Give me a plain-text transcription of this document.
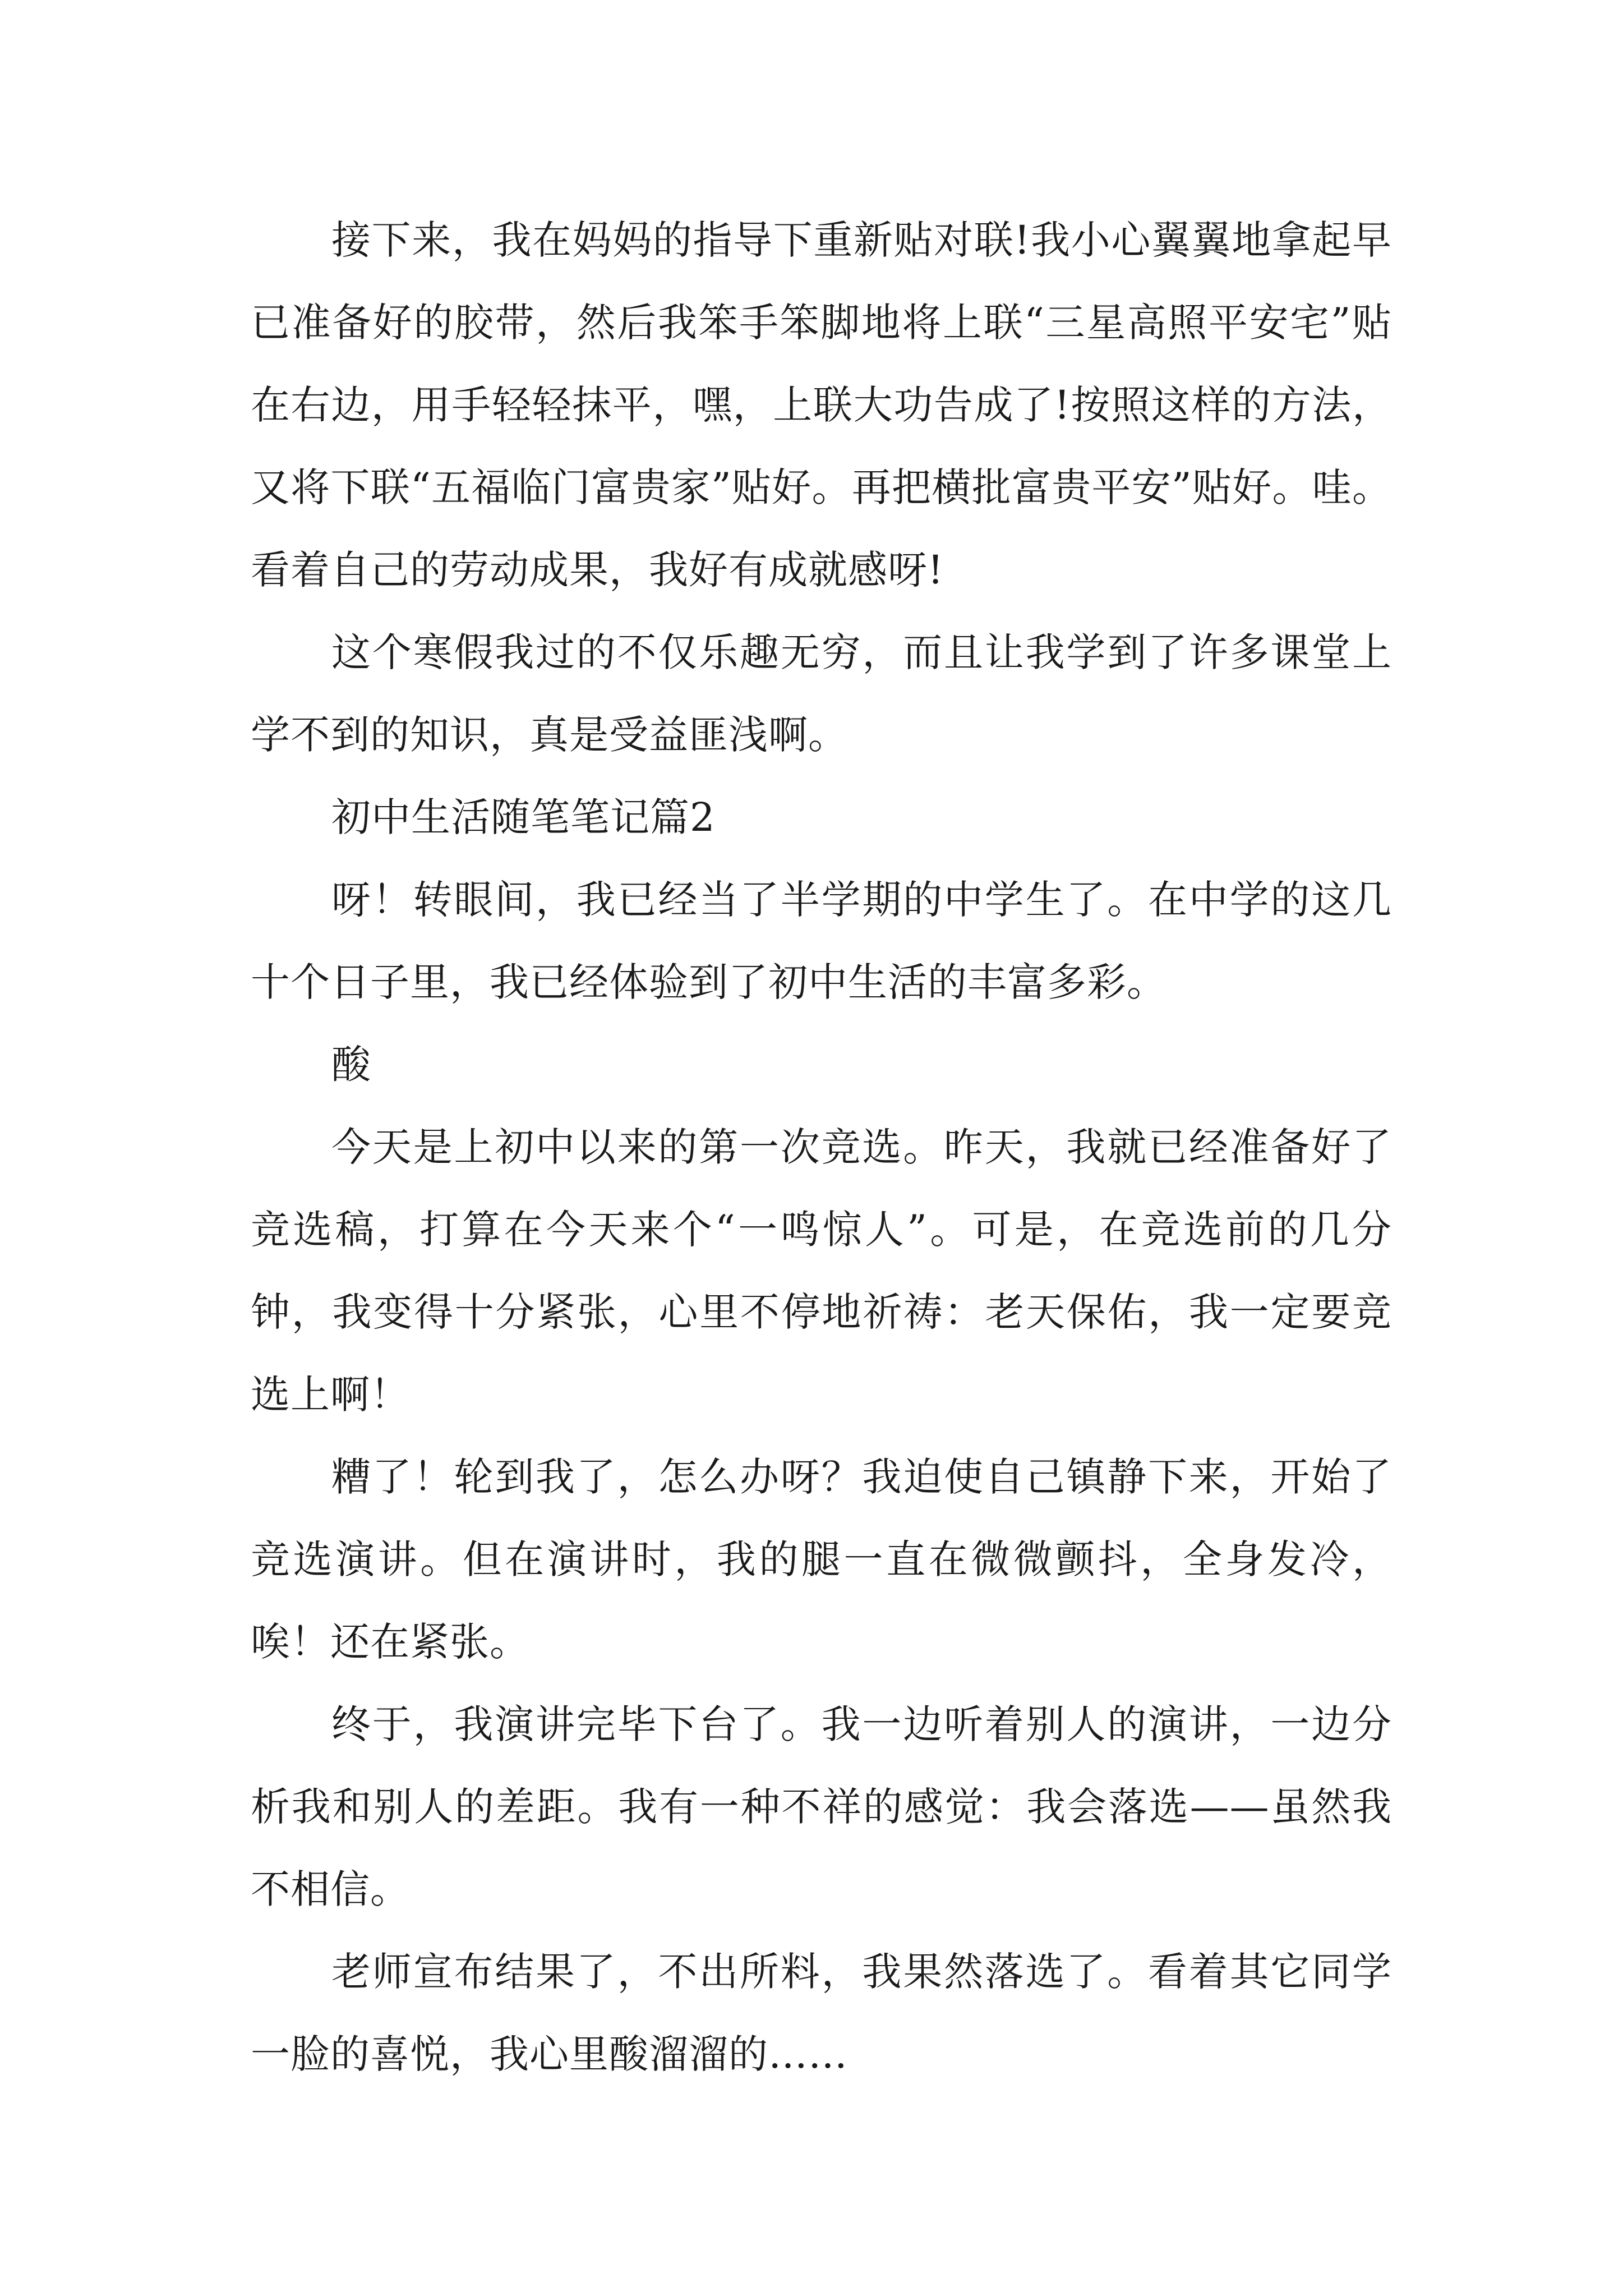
接下来，我在妈妈的指导下重新贴对联!我小心翼翼地拿起早已准备好的胶带，然后我笨手笨脚地将上联“三星高照平安宅”贴在右边，用手轻轻抹平，嘿，上联大功告成了!按照这样的方法，又将下联“五福临门富贵家”贴好。再把横批富贵平安”贴好。哇。看着自己的劳动成果，我好有成就感呀!

这个寒假我过的不仅乐趣无穷，而且让我学到了许多课堂上学不到的知识，真是受益匪浅啊。

初中生活随笔笔记篇2

呀！转眼间，我已经当了半学期的中学生了。在中学的这几十个日子里，我已经体验到了初中生活的丰富多彩。

酸

今天是上初中以来的第一次竞选。昨天，我就已经准备好了竞选稿，打算在今天来个“一鸣惊人”。可是，在竞选前的几分钟，我变得十分紧张，心里不停地祈祷：老天保佑，我一定要竞选上啊！

糟了！轮到我了，怎么办呀？我迫使自己镇静下来，开始了竞选演讲。但在演讲时，我的腿一直在微微颤抖，全身发冷，唉！还在紧张。

终于，我演讲完毕下台了。我一边听着别人的演讲，一边分析我和别人的差距。我有一种不祥的感觉：我会落选——虽然我不相信。

老师宣布结果了，不出所料，我果然落选了。看着其它同学一脸的喜悦，我心里酸溜溜的……
